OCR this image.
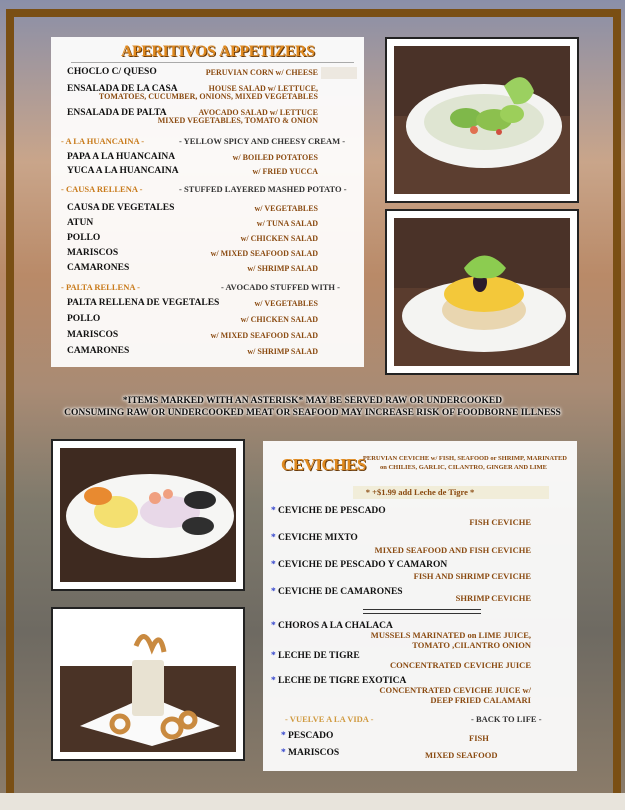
APERITIVOS APPETIZERS
CHOCLO C/ QUESO	PERUVIAN CORN w/ CHEESE
ENSALADA DE LA CASA	HOUSE SALAD w/ LETTUCE,
TOMATOES, CUCUMBER, ONIONS, MIXED VEGETABLES
ENSALADA DE PALTA	AVOCADO SALAD w/ LETTUCE
MIXED VEGETABLES, TOMATO & ONION
- A LA HUANCAINA -	- YELLOW SPICY AND CHEESY CREAM -
PAPA A LA HUANCAINA	w/ BOILED POTATOES
YUCA A LA HUANCAINA	w/ FRIED YUCCA
- CAUSA RELLENA -	- STUFFED LAYERED MASHED POTATO -
CAUSA DE VEGETALES	w/ VEGETABLES
ATUN	w/ TUNA SALAD
POLLO	w/ CHICKEN SALAD
MARISCOS	w/ MIXED SEAFOOD SALAD
CAMARONES	w/ SHRIMP SALAD
- PALTA RELLENA -	- AVOCADO STUFFED WITH -
PALTA RELLENA DE VEGETALES	w/ VEGETABLES
POLLO	w/ CHICKEN SALAD
MARISCOS	w/ MIXED SEAFOOD SALAD
CAMARONES	w/ SHRIMP SALAD
*ITEMS MARKED WITH AN ASTERISK* MAY BE SERVED RAW OR UNDERCOOKED
CONSUMING RAW OR UNDERCOOKED MEAT OR SEAFOOD MAY INCREASE RISK OF FOODBORNE ILLNESS
CEVICHES
PERUVIAN CEVICHE w/ FISH, SEAFOOD or SHRIMP, MARINATED
on CHILIES, GARLIC, CILANTRO, GINGER AND LIME
* +$1.99 add Leche de Tigre *
* CEVICHE DE PESCADO
FISH CEVICHE
* CEVICHE MIXTO
MIXED SEAFOOD AND FISH CEVICHE
* CEVICHE DE PESCADO Y CAMARON
FISH AND SHRIMP CEVICHE
* CEVICHE DE CAMARONES
SHRIMP CEVICHE
* CHOROS A LA CHALACA
MUSSELS MARINATED on LIME JUICE,
TOMATO ,CILANTRO ONION
* LECHE DE TIGRE
CONCENTRATED CEVICHE JUICE
* LECHE DE TIGRE EXOTICA
CONCENTRATED CEVICHE JUICE w/
DEEP FRIED CALAMARI
- VUELVE A LA VIDA -	- BACK TO LIFE -
* PESCADO	FISH
* MARISCOS	MIXED SEAFOOD
